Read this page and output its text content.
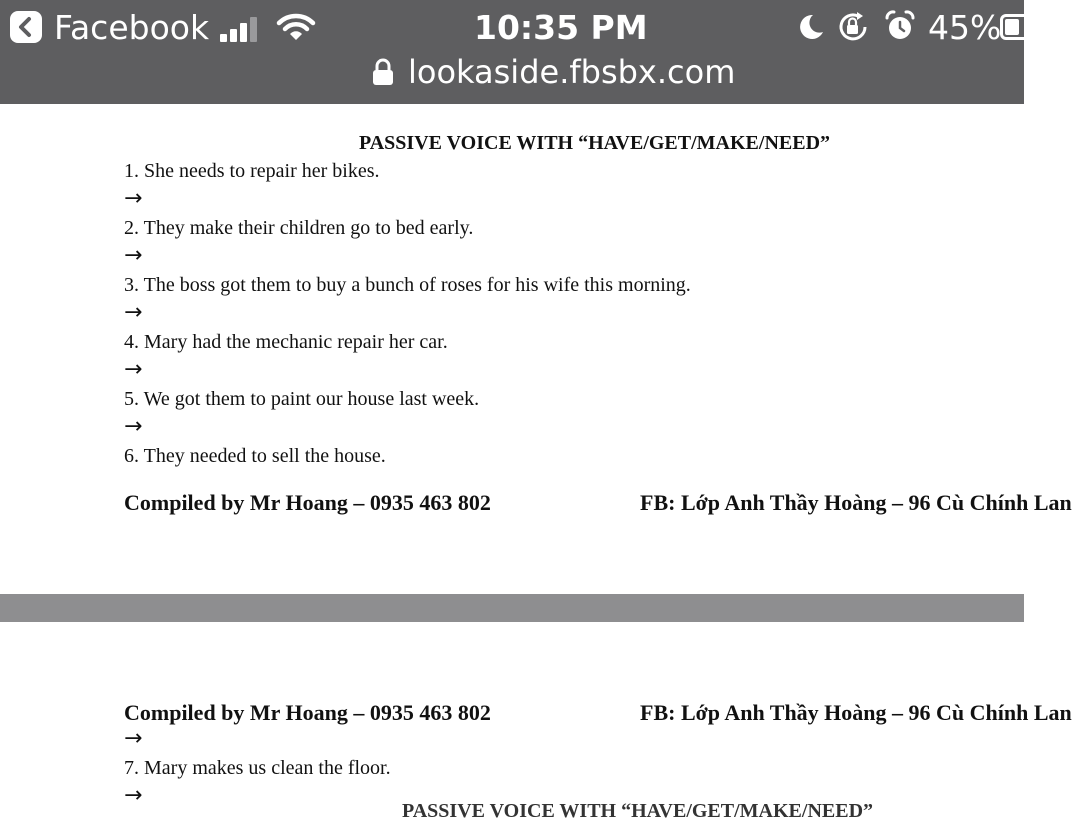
Facebook	10:35 PM	45%
lookaside.fbsbx.com
PASSIVE VOICE WITH “HAVE/GET/MAKE/NEED”
1. She needs to repair her bikes.
→
2. They make their children go to bed early.
→
3. The boss got them to buy a bunch of roses for his wife this morning.
→
4. Mary had the mechanic repair her car.
→
5. We got them to paint our house last week.
→
6. They needed to sell the house.
Compiled by Mr Hoang – 0935 463 802	FB: Lớp Anh Thầy Hoàng – 96 Cù Chính Lan
Compiled by Mr Hoang – 0935 463 802	FB: Lớp Anh Thầy Hoàng – 96 Cù Chính Lan
→
7. Mary makes us clean the floor.
→
PASSIVE VOICE WITH “HAVE/GET/MAKE/NEED”
